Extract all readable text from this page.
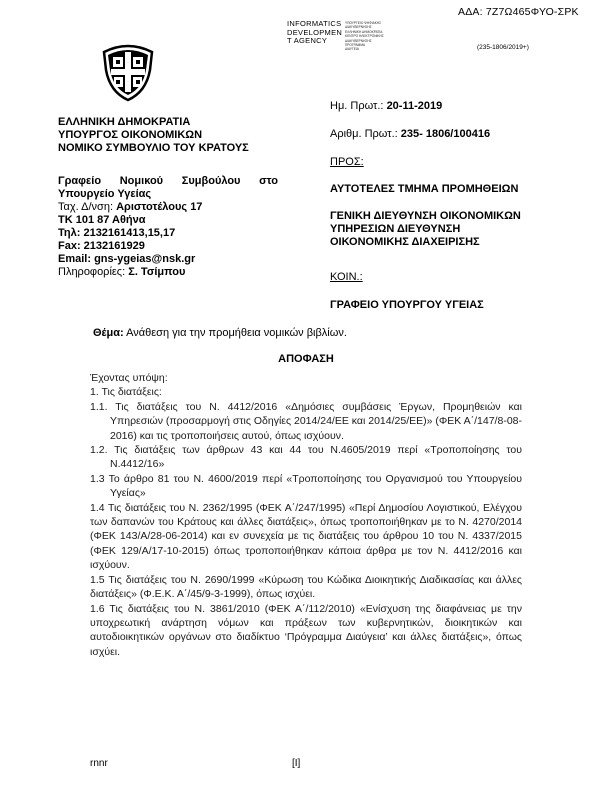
ΑΔΑ: 7Ζ7Ω465ΦΥΟ-ΣΡΚ
INFORMATICS
DEVELOPMEN
T AGENCY
ΥΠΟΥΡΓΕΙΟ ΨΗΦΙΑΚΗΣ
ΔΙΑΚΥΒΕΡΝΗΣΗΣ
ΕΛΛΗΝΙΚΗ ΔΗΜΟΚΡΑΤΙΑ
ΚΕΝΤΡΟ ΗΛΕΚΤΡΟΝΙΚΗΣ
ΔΙΑΚΥΒΕΡΝΗΣΗΣ
ΠΡΟΓΡΑΜΜΑ
ΔΙΑΥΓΕΙΑ	(235-1806/2019+)
ΕΛΛΗΝΙΚΗ ΔΗΜΟΚΡΑΤΙΑ
ΥΠΟΥΡΓΟΣ ΟΙΚΟΝΟΜΙΚΩΝ
ΝΟΜΙΚΟ ΣΥΜΒΟΥΛΙΟ ΤΟΥ ΚΡΑΤΟΥΣ
Γραφείο Νομικού Συμβούλου στο
Υπουργείο Υγείας
Ταχ. Δ/νση: Αριστοτέλους 17
ΤΚ 101 87 Αθήνα
Τηλ: 2132161413,15,17
Fax: 2132161929
Email: gns-ygeias@nsk.gr
Πληροφορίες: Σ. Τσίμπου
Ημ. Πρωτ.: 20-11-2019
Αριθμ. Πρωτ.: 235- 1806/100416
ΠΡΟΣ:
ΑΥΤΟΤΕΛΕΣ ΤΜΗΜΑ ΠΡΟΜΗΘΕΙΩΝ
ΓΕΝΙΚΗ ΔΙΕΥΘΥΝΣΗ ΟΙΚΟΝΟΜΙΚΩΝ
ΥΠΗΡΕΣΙΩΝ ΔΙΕΥΘΥΝΣΗ
ΟΙΚΟΝΟΜΙΚΗΣ ΔΙΑΧΕΙΡΙΣΗΣ
ΚΟΙΝ.:
ΓΡΑΦΕΙΟ ΥΠΟΥΡΓΟΥ ΥΓΕΙΑΣ
Θέμα: Ανάθεση για την προμήθεια νομικών βιβλίων.
ΑΠΟΦΑΣΗ

Έχοντας υπόψη:

1. Τις διατάξεις:

1.1. Τις διατάξεις του Ν. 4412/2016 «Δημόσιες συμβάσεις Έργων, Προμηθειών και Υπηρεσιών (προσαρμογή στις Οδηγίες 2014/24/ΕΕ και 2014/25/ΕΕ)» (ΦΕΚ Α΄/147/8-08-2016) και τις τροποποιήσεις αυτού, όπως ισχύουν.

1.2. Τις διατάξεις των άρθρων 43 και 44 του Ν.4605/2019 περί «Τροποποίησης του Ν.4412/16»

1.3 Το άρθρο 81 του Ν. 4600/2019 περί «Τροποποίησης του Οργανισμού του Υπουργείου Υγείας»

1.4 Τις διατάξεις του Ν. 2362/1995 (ΦΕΚ Α΄/247/1995) «Περί Δημοσίου Λογιστικού, Ελέγχου των δαπανών του Κράτους και άλλες διατάξεις», όπως τροποποιήθηκαν με το Ν. 4270/2014 (ΦΕΚ 143/Α/28-06-2014) και εν συνεχεία με τις διατάξεις του άρθρου 10 του Ν. 4337/2015 (ΦΕΚ 129/Α/17-10-2015) όπως τροποποιήθηκαν κάποια άρθρα με τον Ν. 4412/2016 και ισχύουν.

1.5 Τις διατάξεις του Ν. 2690/1999 «Κύρωση του Κώδικα Διοικητικής Διαδικασίας και άλλες διατάξεις» (Φ.Ε.Κ. Α΄/45/9-3-1999), όπως ισχύει.

1.6 Τις διατάξεις του Ν. 3861/2010 (ΦΕΚ Α΄/112/2010) «Ενίσχυση της διαφάνειας με την υποχρεωτική ανάρτηση νόμων και πράξεων των κυβερνητικών, διοικητικών και αυτοδιοικητικών οργάνων στο διαδίκτυο ‘Πρόγραμμα Διαύγεια’ και άλλες διατάξεις», όπως ισχύει.

rnnr	[I]
